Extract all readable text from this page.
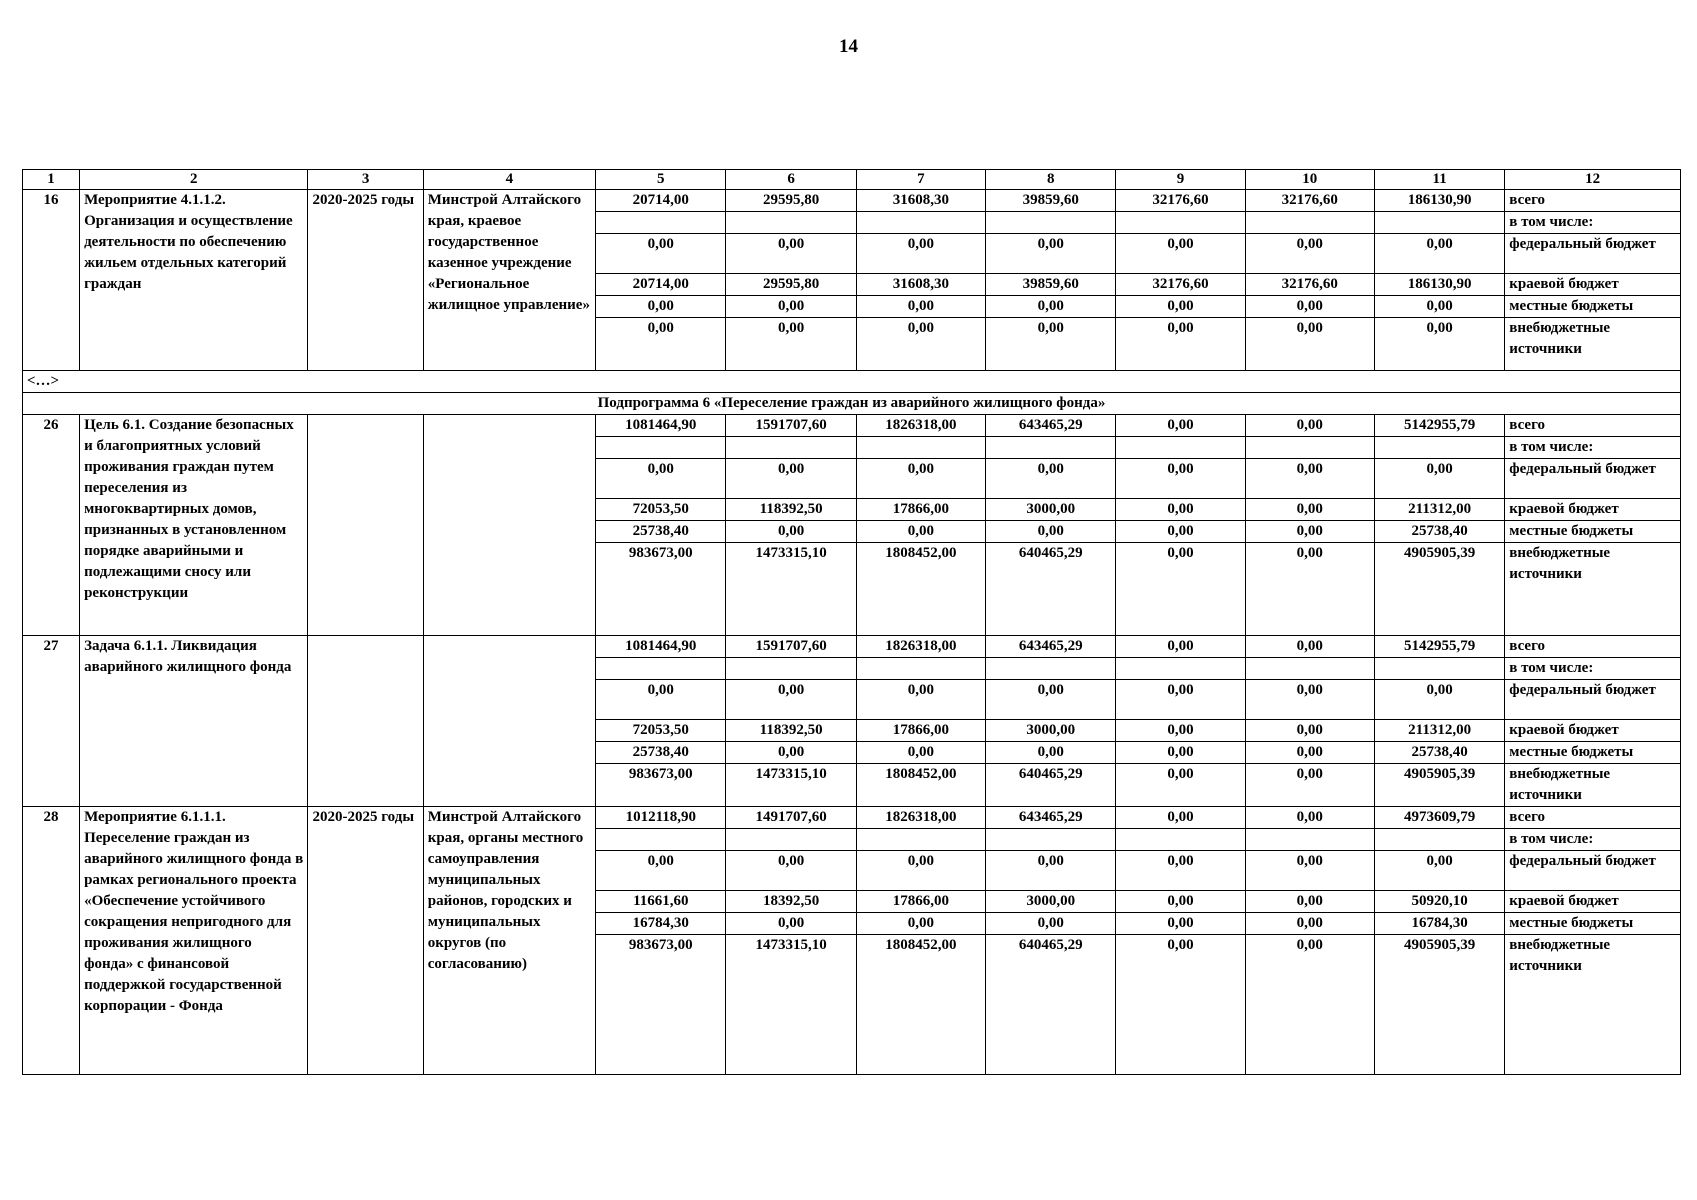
14
1	2	3	4	5	6	7	8	9	10	11	12
16	Мероприятие 4.1.1.2. Организация и осуществление деятельности по обеспечению жильем отдельных категорий граждан	2020-2025 годы	Минстрой Алтайского края, краевое государственное казенное учреждение «Региональное жилищное управление»	20714,00	29595,80	31608,30	39859,60	32176,60	32176,60	186130,90	всего
											в том числе:
				0,00	0,00	0,00	0,00	0,00	0,00	0,00	федеральный бюджет
				20714,00	29595,80	31608,30	39859,60	32176,60	32176,60	186130,90	краевой бюджет
				0,00	0,00	0,00	0,00	0,00	0,00	0,00	местные бюджеты
				0,00	0,00	0,00	0,00	0,00	0,00	0,00	внебюджетные источники
<…>											
Подпрограмма 6 «Переселение граждан из аварийного жилищного фонда»											
26	Цель 6.1. Создание безопасных и благоприятных условий проживания граждан путем переселения из многоквартирных домов, признанных в установленном порядке аварийными и подлежащими сносу или реконструкции			1081464,90	1591707,60	1826318,00	643465,29	0,00	0,00	5142955,79	всего
											в том числе:
				0,00	0,00	0,00	0,00	0,00	0,00	0,00	федеральный бюджет
				72053,50	118392,50	17866,00	3000,00	0,00	0,00	211312,00	краевой бюджет
				25738,40	0,00	0,00	0,00	0,00	0,00	25738,40	местные бюджеты
				983673,00	1473315,10	1808452,00	640465,29	0,00	0,00	4905905,39	внебюджетные источники
27	Задача 6.1.1. Ликвидация аварийного жилищного фонда			1081464,90	1591707,60	1826318,00	643465,29	0,00	0,00	5142955,79	всего
											в том числе:
				0,00	0,00	0,00	0,00	0,00	0,00	0,00	федеральный бюджет
				72053,50	118392,50	17866,00	3000,00	0,00	0,00	211312,00	краевой бюджет
				25738,40	0,00	0,00	0,00	0,00	0,00	25738,40	местные бюджеты
				983673,00	1473315,10	1808452,00	640465,29	0,00	0,00	4905905,39	внебюджетные источники
28	Мероприятие 6.1.1.1. Переселение граждан из аварийного жилищного фонда в рамках регионального проекта «Обеспечение устойчивого сокращения непригодного для проживания жилищного фонда» с финансовой поддержкой государственной корпорации - Фонда	2020-2025 годы	Минстрой Алтайского края, органы местного самоуправления муниципальных районов, городских и муниципальных округов (по согласованию)	1012118,90	1491707,60	1826318,00	643465,29	0,00	0,00	4973609,79	всего
											в том числе:
				0,00	0,00	0,00	0,00	0,00	0,00	0,00	федеральный бюджет
				11661,60	18392,50	17866,00	3000,00	0,00	0,00	50920,10	краевой бюджет
				16784,30	0,00	0,00	0,00	0,00	0,00	16784,30	местные бюджеты
				983673,00	1473315,10	1808452,00	640465,29	0,00	0,00	4905905,39	внебюджетные источники
